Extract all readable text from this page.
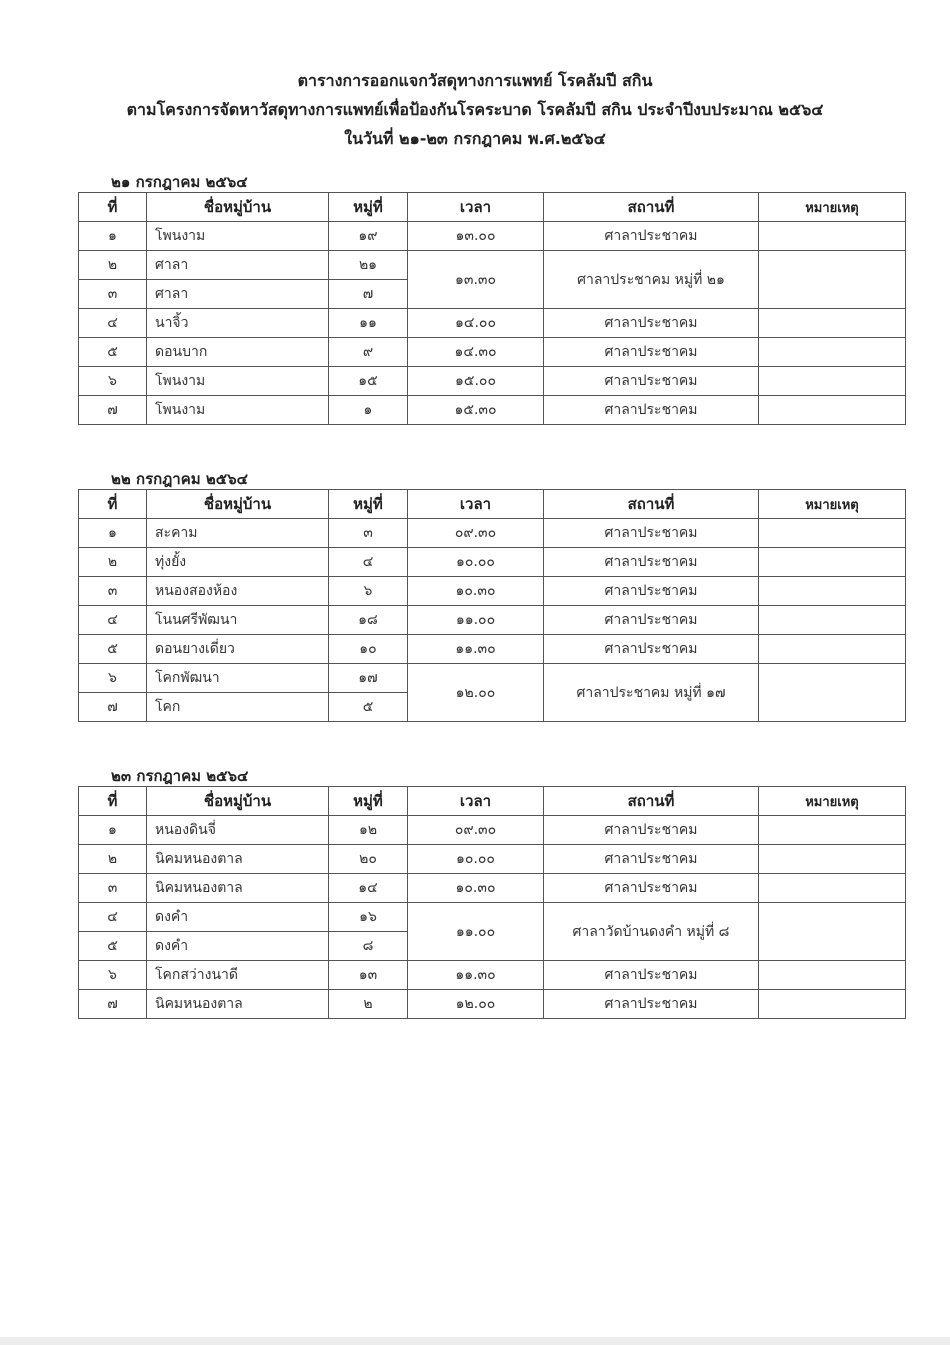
ตารางการออกแจกวัสดุทางการแพทย์ โรคลัมปี สกิน
ตามโครงการจัดหาวัสดุทางการแพทย์เพื่อป้องกันโรคระบาด โรคลัมปี สกิน ประจำปีงบประมาณ ๒๕๖๔
ในวันที่ ๒๑-๒๓ กรกฎาคม พ.ศ.๒๕๖๔
๒๑ กรกฎาคม ๒๕๖๔
ที่	ชื่อหมู่บ้าน	หมู่ที่	เวลา	สถานที่	หมายเหตุ
๑	โพนงาม	๑๙	๑๓.๐๐	ศาลาประชาคม	
๒	ศาลา	๒๑	๑๓.๓๐	ศาลาประชาคม หมู่ที่ ๒๑	
๓	ศาลา	๗			
๔	นาจิ้ว	๑๑	๑๔.๐๐	ศาลาประชาคม	
๕	ดอนบาก	๙	๑๔.๓๐	ศาลาประชาคม	
๖	โพนงาม	๑๕	๑๕.๐๐	ศาลาประชาคม	
๗	โพนงาม	๑	๑๕.๓๐	ศาลาประชาคม	
๒๒ กรกฎาคม ๒๕๖๔
ที่	ชื่อหมู่บ้าน	หมู่ที่	เวลา	สถานที่	หมายเหตุ
๑	สะคาม	๓	๐๙.๓๐	ศาลาประชาคม	
๒	ทุ่งยั้ง	๔	๑๐.๐๐	ศาลาประชาคม	
๓	หนองสองห้อง	๖	๑๐.๓๐	ศาลาประชาคม	
๔	โนนศรีพัฒนา	๑๘	๑๑.๐๐	ศาลาประชาคม	
๕	ดอนยางเดี่ยว	๑๐	๑๑.๓๐	ศาลาประชาคม	
๖	โคกพัฒนา	๑๗	๑๒.๐๐	ศาลาประชาคม หมู่ที่ ๑๗	
๗	โคก	๕			
๒๓ กรกฎาคม ๒๕๖๔
ที่	ชื่อหมู่บ้าน	หมู่ที่	เวลา	สถานที่	หมายเหตุ
๑	หนองดินจี่	๑๒	๐๙.๓๐	ศาลาประชาคม	
๒	นิคมหนองตาล	๒๐	๑๐.๐๐	ศาลาประชาคม	
๓	นิคมหนองตาล	๑๔	๑๐.๓๐	ศาลาประชาคม	
๔	ดงคำ	๑๖	๑๑.๐๐	ศาลาวัดบ้านดงคำ หมู่ที่ ๘	
๕	ดงคำ	๘			
๖	โคกสว่างนาดี	๑๓	๑๑.๓๐	ศาลาประชาคม	
๗	นิคมหนองตาล	๒	๑๒.๐๐	ศาลาประชาคม	
